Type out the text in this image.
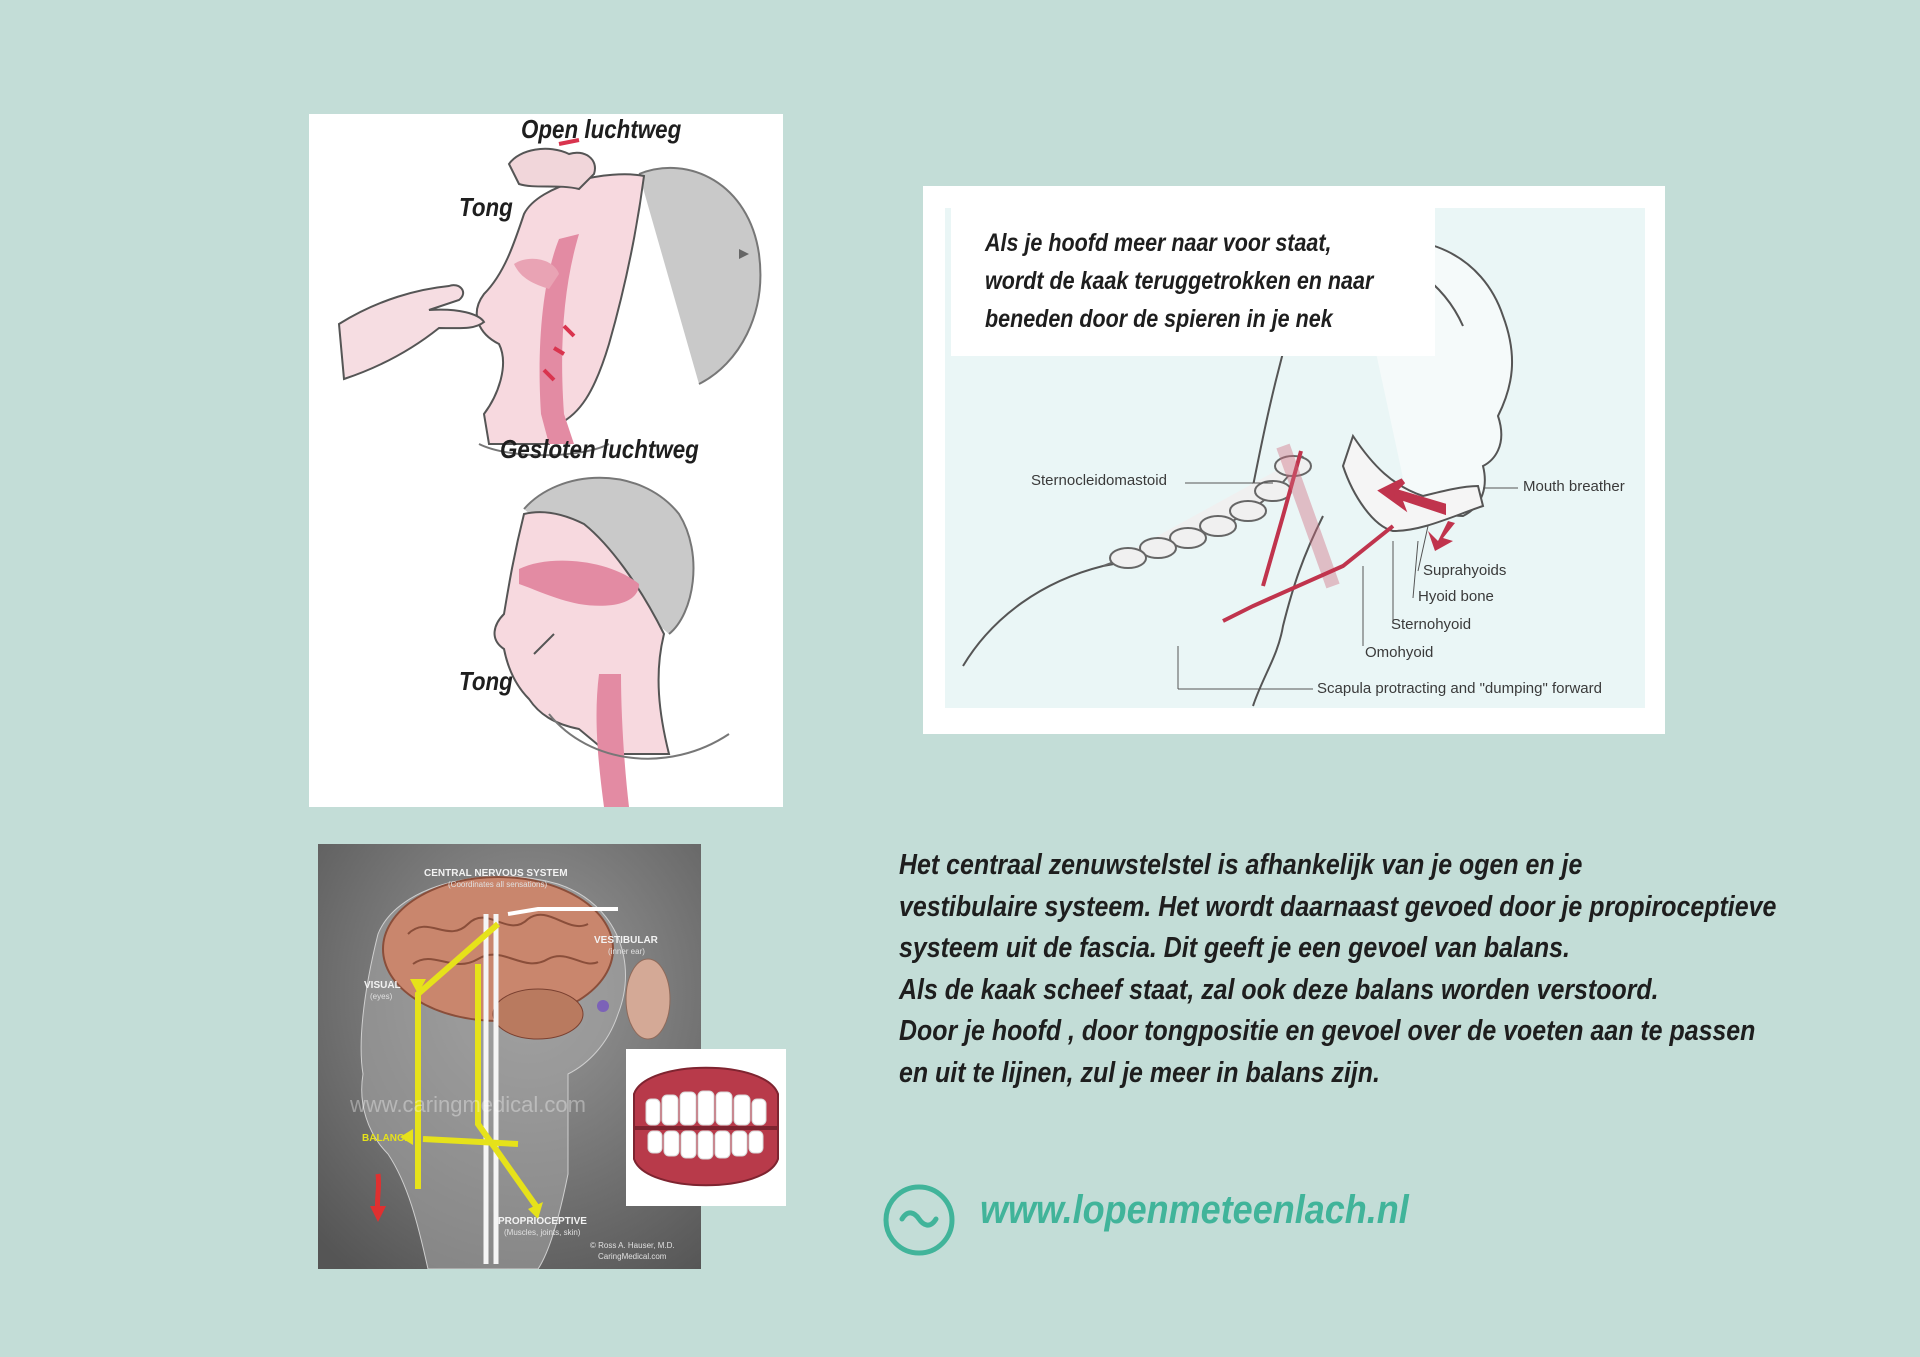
Open luchtweg
Tong
Gesloten luchtweg
Tong
Als je hoofd meer naar voor staat,
wordt de kaak teruggetrokken en naar
beneden door de spieren in je nek
Sternocleidomastoid	Mouth breather
Suprahyoids
Hyoid bone
Sternohyoid
Omohyoid
Scapula protracting and "dumping" forward
CENTRAL NERVOUS SYSTEM
(Coordinates all sensations)
VESTIBULAR
(inner ear)
VISUAL
(eyes)
BALANCE
PROPRIOCEPTIVE
(Muscles, joints, skin)
www.caringmedical.com
© Ross A. Hauser, M.D.
CaringMedical.com
Het centraal zenuwstelstel is afhankelijk van je ogen en je
vestibulaire systeem. Het wordt daarnaast gevoed door je propiroceptieve
systeem uit de fascia. Dit geeft je een gevoel van balans.
Als de kaak scheef staat, zal ook deze balans worden verstoord.
Door je hoofd , door tongpositie en gevoel over de voeten aan te passen
en uit te lijnen, zul je meer in balans zijn.
www.lopenmeteenlach.nl
